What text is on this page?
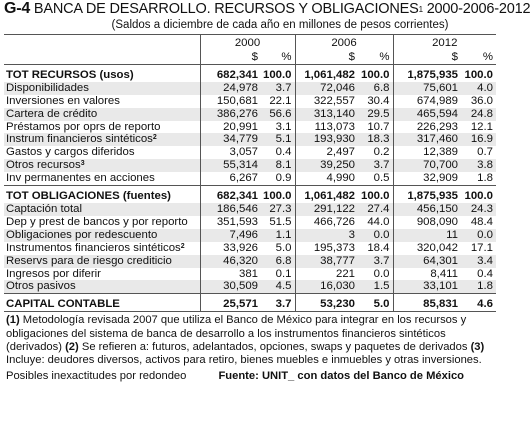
G-4 BANCA DE DESARROLLO. RECURSOS Y OBLIGACIONES$^1$ 2000-2006-2012
(Saldos a diciembre de cada año en millones de pesos corrientes)
	2000		2006		2012	
	$	%	$	%	$	%

TOT RECURSOS (usos)	682,341	100.0	1,061,482	100.0	1,875,935	100.0
Disponibilidades	24,978	3.7	72,046	6.8	75,601	4.0
Inversiones en valores	150,681	22.1	322,557	30.4	674,989	36.0
Cartera de crédito	386,276	56.6	313,140	29.5	465,594	24.8
Préstamos por oprs de reporto	20,991	3.1	113,073	10.7	226,293	12.1
Instrum financieros sintéticos$^2$	34,779	5.1	193,930	18.3	317,460	16.9
Gastos y cargos diferidos	3,057	0.4	2,497	0.2	12,389	0.7
Otros recursos$^3$	55,314	8.1	39,250	3.7	70,700	3.8
Inv permanentes en acciones	6,267	0.9	4,990	0.5	32,909	1.8

TOT OBLIGACIONES (fuentes)	682,341	100.0	1,061,482	100.0	1,875,935	100.0
Captación total	186,546	27.3	291,122	27.4	456,150	24.3
Dep y prest de bancos y por reporto	351,593	51.5	466,726	44.0	908,090	48.4
Obligaciones por redescuento	7,496	1.1	3	0.0	11	0.0
Instrumentos financieros sintéticos$^2$	33,926	5.0	195,373	18.4	320,042	17.1
Reservs para de riesgo crediticio	46,320	6.8	38,777	3.7	64,301	3.4
Ingresos por diferir	381	0.1	221	0.0	8,411	0.4
Otros pasivos	30,509	4.5	16,030	1.5	33,101	1.8

CAPITAL CONTABLE	25,571	3.7	53,230	5.0	85,831	4.6
(1) Metodología revisada 2007 que utiliza el Banco de México para integrar en los recursos y obligaciones del sistema de banca de desarrollo a los instrumentos financieros sintéticos (derivados) (2) Se refieren a: futuros, adelantados, opciones, swaps y paquetes de derivados (3) Incluye: deudores diversos, activos para retiro, bienes muebles e inmuebles y otras inversiones.
Posibles inexactitudes por redondeo	Fuente: UNIT_ con datos del Banco de México
